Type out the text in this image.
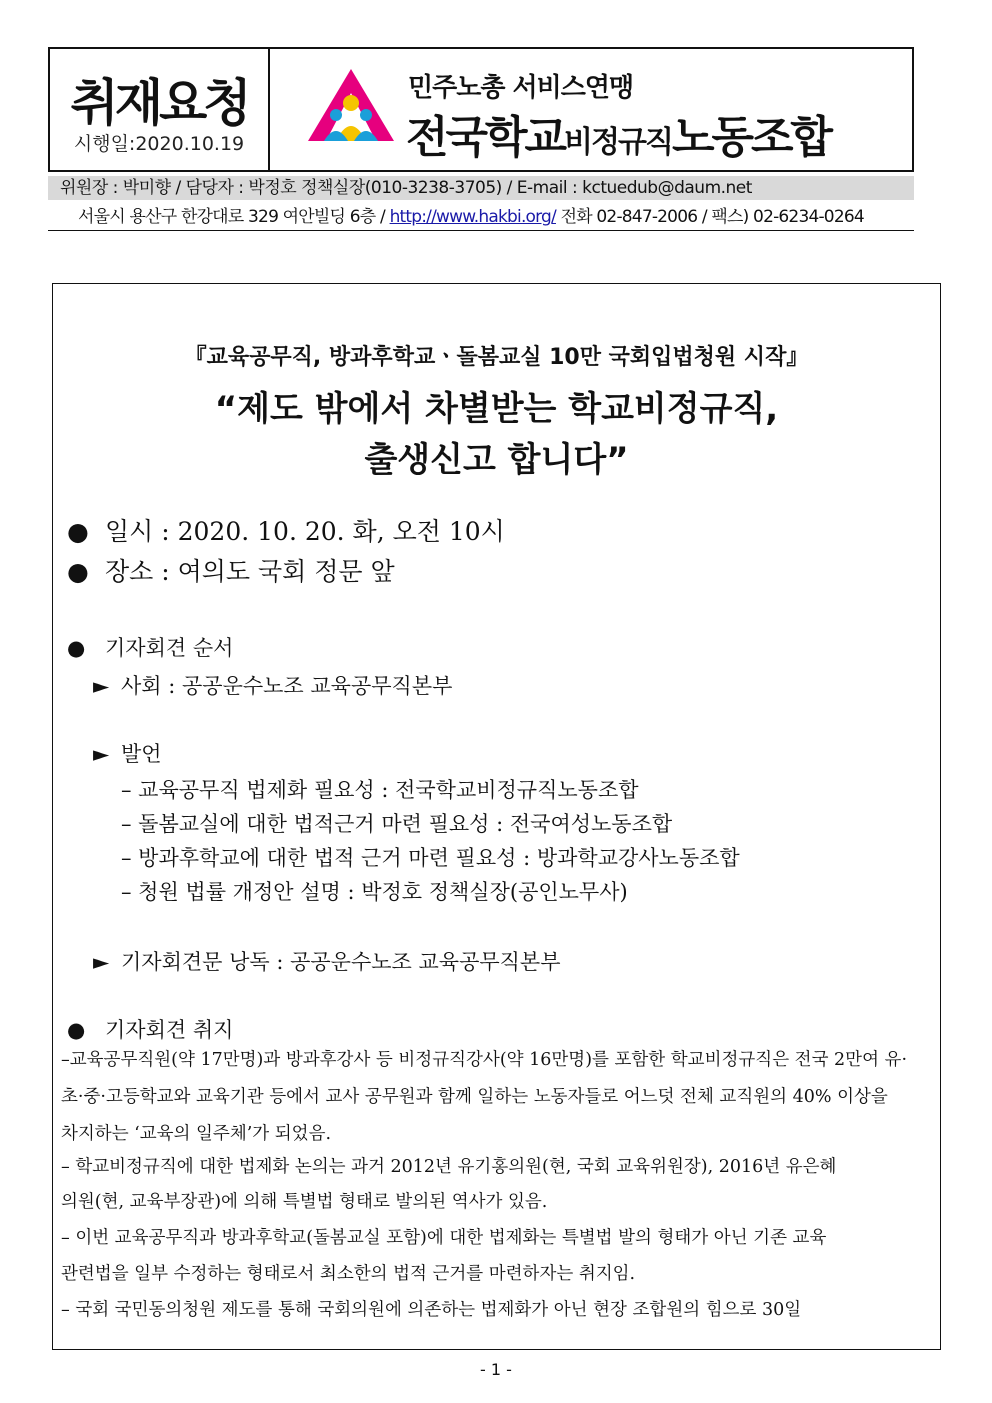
취재요청
시행일:2020.10.19
민주노총 서비스연맹
전국학교비정규직노동조합
위원장 : 박미향 / 담당자 : 박정호 정책실장(010-3238-3705) / E-mail : kctuedub@daum.net
서울시 용산구 한강대로 329 여안빌딩 6층 / http://www.hakbi.org/ 전화 02-847-2006 / 팩스) 02-6234-0264
『교육공무직, 방과후학교ㆍ돌봄교실 10만 국회입법청원 시작』
“제도 밖에서 차별받는 학교비정규직,
출생신고 합니다”
● 일시 : 2020. 10. 20. 화, 오전 10시
● 장소 : 여의도 국회 정문 앞
● 기자회견 순서
► 사회 : 공공운수노조 교육공무직본부
► 발언
– 교육공무직 법제화 필요성 : 전국학교비정규직노동조합
– 돌봄교실에 대한 법적근거 마련 필요성 : 전국여성노동조합
– 방과후학교에 대한 법적 근거 마련 필요성 : 방과학교강사노동조합
– 청원 법률 개정안 설명 : 박정호 정책실장(공인노무사)
► 기자회견문 낭독 : 공공운수노조 교육공무직본부
● 기자회견 취지
–교육공무직원(약 17만명)과 방과후강사 등 비정규직강사(약 16만명)를 포함한 학교비정규직은 전국 2만여 유·
초·중·고등학교와 교육기관 등에서 교사 공무원과 함께 일하는 노동자들로 어느덧 전체 교직원의 40% 이상을
차지하는 ‘교육의 일주체’가 되었음.
– 학교비정규직에 대한 법제화 논의는 과거 2012년 유기홍의원(현, 국회 교육위원장), 2016년 유은혜
의원(현, 교육부장관)에 의해 특별법 형태로 발의된 역사가 있음.
– 이번 교육공무직과 방과후학교(돌봄교실 포함)에 대한 법제화는 특별법 발의 형태가 아닌 기존 교육
관련법을 일부 수정하는 형태로서 최소한의 법적 근거를 마련하자는 취지임.
– 국회 국민동의청원 제도를 통해 국회의원에 의존하는 법제화가 아닌 현장 조합원의 힘으로 30일
- 1 -
